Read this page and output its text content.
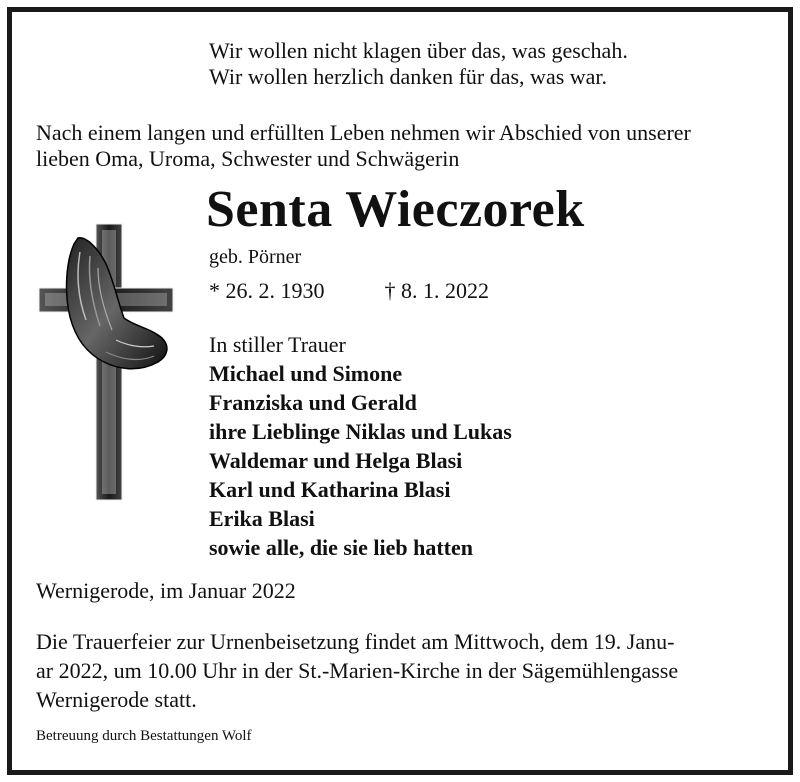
Wir wollen nicht klagen über das, was geschah.
Wir wollen herzlich danken für das, was war.
Nach einem langen und erfüllten Leben nehmen wir Abschied von unserer
lieben Oma, Uroma, Schwester und Schwägerin
Senta Wieczorek
geb. Pörner
* 26. 2. 1930	† 8. 1. 2022
In stiller Trauer
Michael und Simone
Franziska und Gerald
ihre Lieblinge Niklas und Lukas
Waldemar und Helga Blasi
Karl und Katharina Blasi
Erika Blasi
sowie alle, die sie lieb hatten
Wernigerode, im Januar 2022
Die Trauerfeier zur Urnenbeisetzung findet am Mittwoch, dem 19. Janu-
ar 2022, um 10.00 Uhr in der St.-Marien-Kirche in der Sägemühlengasse
Wernigerode statt.
Betreuung durch Bestattungen Wolf
